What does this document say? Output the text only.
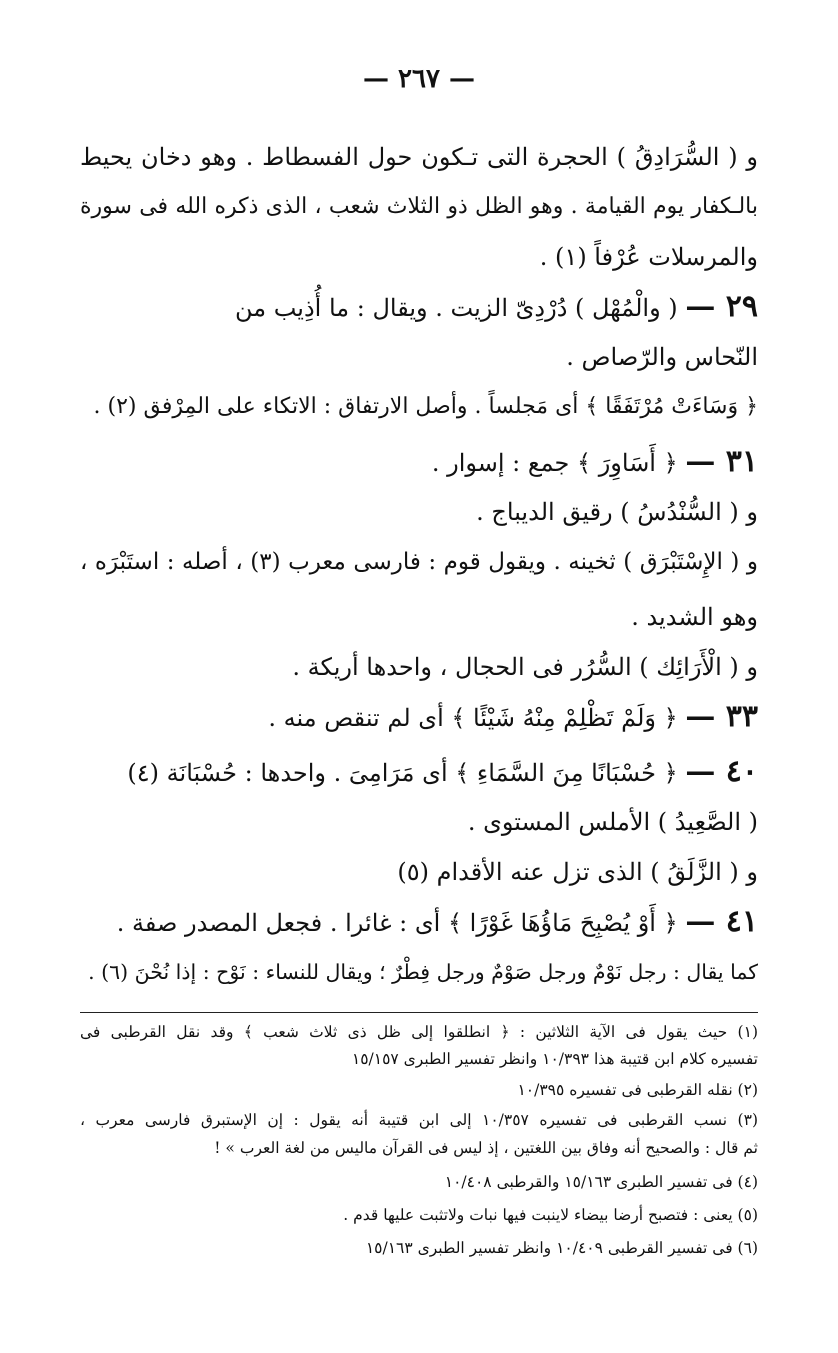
— ٢٦٧ —
و ( السُّرَادِقُ ) الحجرة التى تـكون حول الفسطاط . وهو دخان يحيط
بالـكفار يوم القيامة . وهو الظل ذو الثلاث شعب ، الذى ذكره الله فى سورة
والمرسلات عُرْفاً (١) .
٢٩ — ( والْمُهْل ) دُرْدِىّ الزيت . ويقال : ما أُذِيب من
النّحاس والرّصاص .
﴿ وَسَاءَتْ مُرْتَفَقًا ﴾ أى مَجلساً . وأصل الارتفاق : الاتكاء على المِرْفق (٢) .
٣١ — ﴿ أَسَاوِرَ ﴾ جمع : إسوار .
و ( السُّنْدُسُ ) رقيق الديباج .
و ( الإِسْتَبْرَق ) ثخينه . ويقول قوم : فارسى معرب (٣) ، أصله : استَبْرَه ،
وهو الشديد .
و ( الْأَرَائِك ) السُّرُر فى الحجال ، واحدها أريكة .
٣٣ — ﴿ وَلَمْ تَظْلِمْ مِنْهُ شَيْئًا ﴾ أى لم تنقص منه .
٤٠ — ﴿ حُسْبَانًا مِنَ السَّمَاءِ ﴾ أى مَرَامِىَ . واحدها : حُسْبَانَة (٤)
( الصَّعِيدُ ) الأملس المستوى .
و ( الزَّلَقُ ) الذى تزل عنه الأقدام (٥)
٤١ — ﴿ أَوْ يُصْبِحَ مَاؤُهَا غَوْرًا ﴾ أى : غائرا . فجعل المصدر صفة .
كما يقال : رجل نَوْمٌ ورجل صَوْمٌ ورجل فِطْرٌ ؛ ويقال للنساء : نَوْح : إذا نُحْنَ (٦) .
(١) حيث يقول فى الآية الثلاثين : ﴿ انطلقوا إلى ظل ذى ثلاث شعب ﴾ وقد نقل القرطبى فى
تفسيره كلام ابن قتيبة هذا ١٠/٣٩٣ وانظر تفسير الطبرى ١٥/١٥٧
(٢) نقله القرطبى فى تفسيره ١٠/٣٩٥
(٣) نسب القرطبى فى تفسيره ١٠/٣٥٧ إلى ابن قتيبة أنه يقول : إن الإستبرق فارسى معرب ،
ثم قال : والصحيح أنه وفاق بين اللغتين ، إذ ليس فى القرآن ماليس من لغة العرب » !
(٤) فى تفسير الطبرى ١٥/١٦٣ والقرطبى ١٠/٤٠٨
(٥) يعنى : فتصبح أرضا بيضاء لاينبت فيها نبات ولاتثبت عليها قدم .
(٦) فى تفسير القرطبى ١٠/٤٠٩ وانظر تفسير الطبرى ١٥/١٦٣
